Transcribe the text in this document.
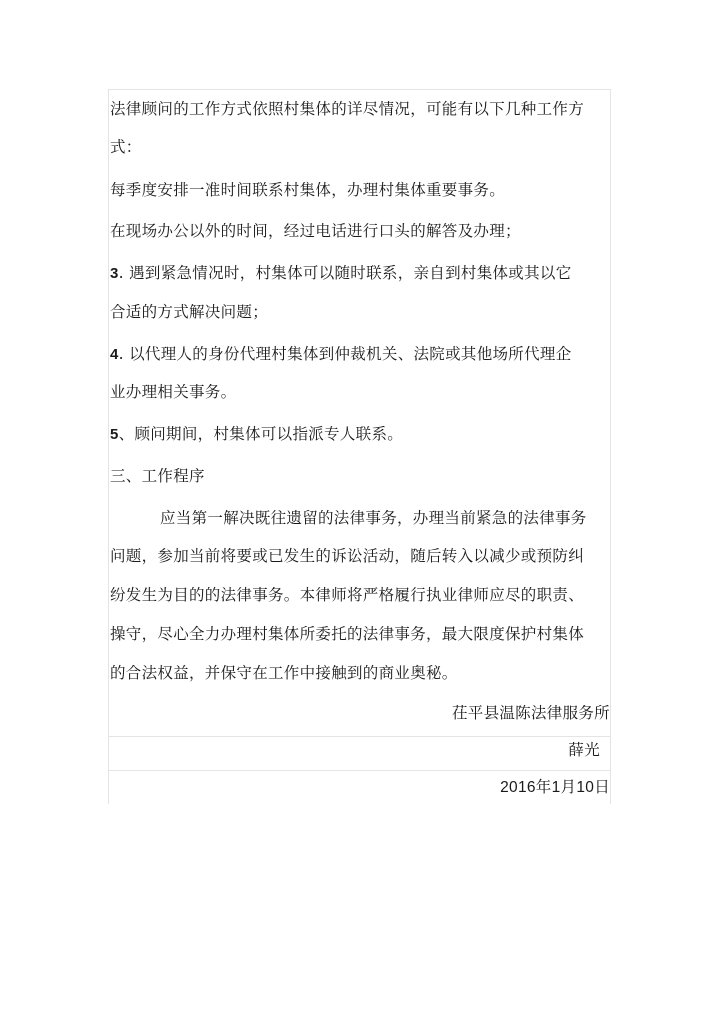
法律顾问的工作方式依照村集体的详尽情况，可能有以下几种工作方
式：
每季度安排一准时间联系村集体，办理村集体重要事务。
在现场办公以外的时间，经过电话进行口头的解答及办理；
3. 遇到紧急情况时，村集体可以随时联系，亲自到村集体或其以它
合适的方式解决问题；
4. 以代理人的身份代理村集体到仲裁机关、法院或其他场所代理企
业办理相关事务。
5、顾问期间，村集体可以指派专人联系。
三、工作程序
应当第一解决既往遗留的法律事务，办理当前紧急的法律事务
问题，参加当前将要或已发生的诉讼活动，随后转入以减少或预防纠
纷发生为目的的法律事务。本律师将严格履行执业律师应尽的职责、
操守，尽心全力办理村集体所委托的法律事务，最大限度保护村集体
的合法权益，并保守在工作中接触到的商业奥秘。
茌平县温陈法律服务所
薛光
2016年1月10日
